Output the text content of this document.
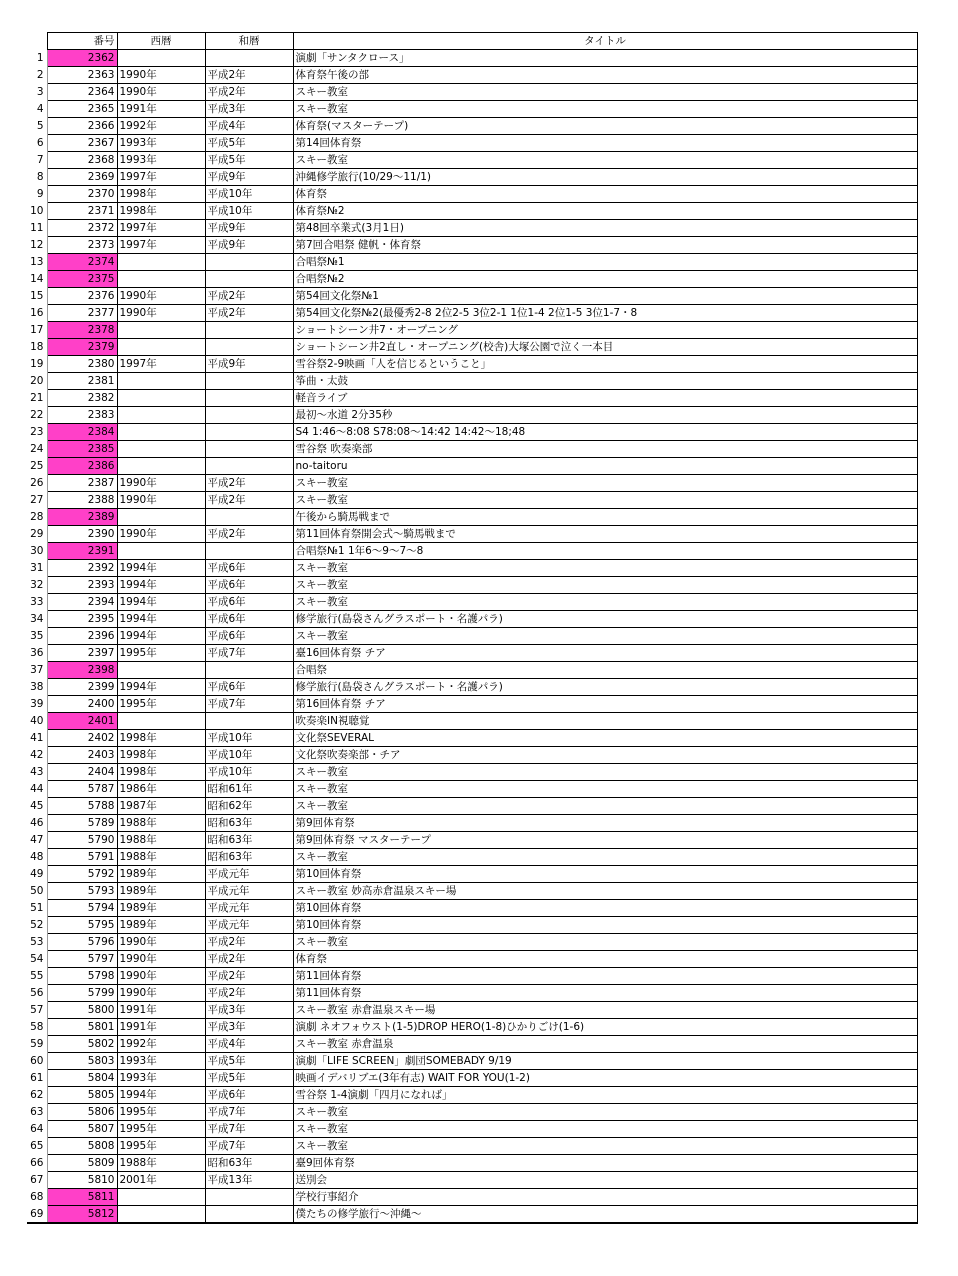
	番号	西暦	和暦	タイトル
1	2362			演劇「サンタクロース」
2	2363	1990年	平成2年	体育祭午後の部
3	2364	1990年	平成2年	スキー教室
4	2365	1991年	平成3年	スキー教室
5	2366	1992年	平成4年	体育祭(マスターテープ)
6	2367	1993年	平成5年	第14回体育祭
7	2368	1993年	平成5年	スキー教室
8	2369	1997年	平成9年	沖縄修学旅行(10/29〜11/1)
9	2370	1998年	平成10年	体育祭
10	2371	1998年	平成10年	体育祭№2
11	2372	1997年	平成9年	第48回卒業式(3月1日)
12	2373	1997年	平成9年	第7回合唱祭 健帆・体育祭
13	2374			合唱祭№1
14	2375			合唱祭№2
15	2376	1990年	平成2年	第54回文化祭№1
16	2377	1990年	平成2年	第54回文化祭№2(最優秀2-8 2位2-5 3位2-1 1位1-4 2位1-5 3位1-7・8
17	2378			ショートシーン井7・オープニング
18	2379			ショートシーン井2直し・オープニング(校舎)大塚公園で泣く一本目
19	2380	1997年	平成9年	雪谷祭2-9映画「人を信じるということ」
20	2381			筝曲・太鼓
21	2382			軽音ライブ
22	2383			最初〜水道 2分35秒
23	2384			S4 1:46〜8:08 S78:08〜14:42 14:42〜18;48
24	2385			雪谷祭 吹奏楽部
25	2386			no-taitoru
26	2387	1990年	平成2年	スキー教室
27	2388	1990年	平成2年	スキー教室
28	2389			午後から騎馬戦まで
29	2390	1990年	平成2年	第11回体育祭開会式〜騎馬戦まで
30	2391			合唱祭№1 1年6〜9〜7〜8
31	2392	1994年	平成6年	スキー教室
32	2393	1994年	平成6年	スキー教室
33	2394	1994年	平成6年	スキー教室
34	2395	1994年	平成6年	修学旅行(島袋さんグラスポート・名護パラ)
35	2396	1994年	平成6年	スキー教室
36	2397	1995年	平成7年	臺16回体育祭 チア
37	2398			合唱祭
38	2399	1994年	平成6年	修学旅行(島袋さんグラスポート・名護パラ)
39	2400	1995年	平成7年	第16回体育祭 チア
40	2401			吹奏楽IN視聴覚
41	2402	1998年	平成10年	文化祭SEVERAL
42	2403	1998年	平成10年	文化祭吹奏楽部・チア
43	2404	1998年	平成10年	スキー教室
44	5787	1986年	昭和61年	スキー教室
45	5788	1987年	昭和62年	スキー教室
46	5789	1988年	昭和63年	第9回体育祭
47	5790	1988年	昭和63年	第9回体育祭 マスターテープ
48	5791	1988年	昭和63年	スキー教室
49	5792	1989年	平成元年	第10回体育祭
50	5793	1989年	平成元年	スキー教室 妙高赤倉温泉スキー場
51	5794	1989年	平成元年	第10回体育祭
52	5795	1989年	平成元年	第10回体育祭
53	5796	1990年	平成2年	スキー教室
54	5797	1990年	平成2年	体育祭
55	5798	1990年	平成2年	第11回体育祭
56	5799	1990年	平成2年	第11回体育祭
57	5800	1991年	平成3年	スキー教室 赤倉温泉スキー場
58	5801	1991年	平成3年	演劇 ネオフォウスト(1-5)DROP HERO(1-8)ひかりごけ(1-6)
59	5802	1992年	平成4年	スキー教室 赤倉温泉
60	5803	1993年	平成5年	演劇「LIFE SCREEN」劇団SOMEBADY 9/19
61	5804	1993年	平成5年	映画イデバリブエ(3年有志) WAIT FOR YOU(1-2)
62	5805	1994年	平成6年	雪谷祭 1-4演劇「四月になれば」
63	5806	1995年	平成7年	スキー教室
64	5807	1995年	平成7年	スキー教室
65	5808	1995年	平成7年	スキー教室
66	5809	1988年	昭和63年	臺9回体育祭
67	5810	2001年	平成13年	送別会
68	5811			学校行事紹介
69	5812			僕たちの修学旅行〜沖縄〜
